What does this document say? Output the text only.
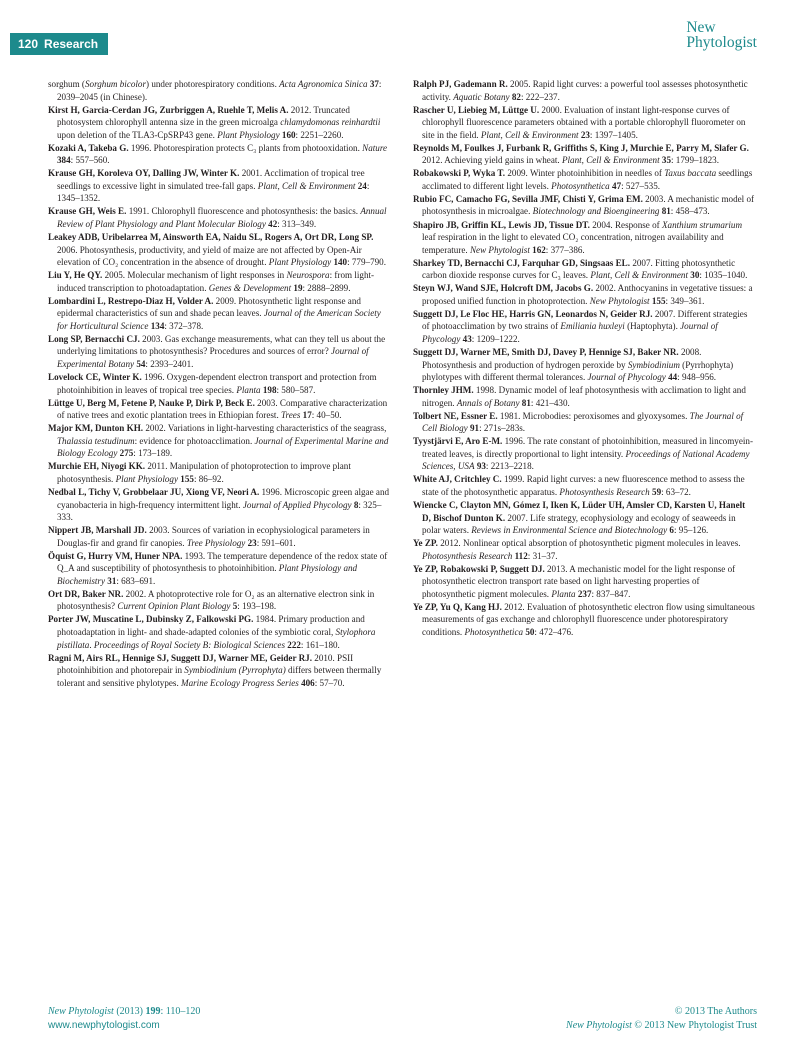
120 Research
New
Phytologist

sorghum (Sorghum bicolor) under photorespiratory conditions. Acta Agronomica Sinica 37: 2039–2045 (in Chinese).

Kirst H, Garcia-Cerdan JG, Zurbriggen A, Ruehle T, Melis A. 2012. Truncated photosystem chlorophyll antenna size in the green microalga chlamydomonas reinhardtii upon deletion of the TLA3-CpSRP43 gene. Plant Physiology 160: 2251–2260.

Kozaki A, Takeba G. 1996. Photorespiration protects C₃ plants from photooxidation. Nature 384: 557–560.

Krause GH, Koroleva OY, Dalling JW, Winter K. 2001. Acclimation of tropical tree seedlings to excessive light in simulated tree-fall gaps. Plant, Cell & Environment 24: 1345–1352.

Krause GH, Weis E. 1991. Chlorophyll fluorescence and photosynthesis: the basics. Annual Review of Plant Physiology and Plant Molecular Biology 42: 313–349.

Leakey ADB, Uribelarrea M, Ainsworth EA, Naidu SL, Rogers A, Ort DR, Long SP. 2006. Photosynthesis, productivity, and yield of maize are not affected by Open-Air elevation of CO₂ concentration in the absence of drought. Plant Physiology 140: 779–790.

Liu Y, He QY. 2005. Molecular mechanism of light responses in Neurospora: from light-induced transcription to photoadaptation. Genes & Development 19: 2888–2899.

Lombardini L, Restrepo-Diaz H, Volder A. 2009. Photosynthetic light response and epidermal characteristics of sun and shade pecan leaves. Journal of the American Society for Horticultural Science 134: 372–378.

Long SP, Bernacchi CJ. 2003. Gas exchange measurements, what can they tell us about the underlying limitations to photosynthesis? Procedures and sources of error? Journal of Experimental Botany 54: 2393–2401.

Lovelock CE, Winter K. 1996. Oxygen-dependent electron transport and protection from photoinhibition in leaves of tropical tree species. Planta 198: 580–587.

Lüttge U, Berg M, Fetene P, Nauke P, Dirk P, Beck E. 2003. Comparative characterization of native trees and exotic plantation trees in Ethiopian forest. Trees 17: 40–50.

Major KM, Dunton KH. 2002. Variations in light-harvesting characteristics of the seagrass, Thalassia testudinum: evidence for photoacclimation. Journal of Experimental Marine and Biology Ecology 275: 173–189.

Murchie EH, Niyogi KK. 2011. Manipulation of photoprotection to improve plant photosynthesis. Plant Physiology 155: 86–92.

Nedbal L, Tichy V, Grobbelaar JU, Xiong VF, Neori A. 1996. Microscopic green algae and cyanobacteria in high-frequency intermittent light. Journal of Applied Phycology 8: 325–333.

Nippert JB, Marshall JD. 2003. Sources of variation in ecophysiological parameters in Douglas-fir and grand fir canopies. Tree Physiology 23: 591–601.

Öquist G, Hurry VM, Huner NPA. 1993. The temperature dependence of the redox state of Q_A and susceptibility of photosynthesis to photoinhibition. Plant Physiology and Biochemistry 31: 683–691.

Ort DR, Baker NR. 2002. A photoprotective role for O₂ as an alternative electron sink in photosynthesis? Current Opinion Plant Biology 5: 193–198.

Porter JW, Muscatine L, Dubinsky Z, Falkowski PG. 1984. Primary production and photoadaptation in light- and shade-adapted colonies of the symbiotic coral, Stylophora pistillata. Proceedings of Royal Society B: Biological Sciences 222: 161–180.

Ragni M, Airs RL, Hennige SJ, Suggett DJ, Warner ME, Geider RJ. 2010. PSII photoinhibition and photorepair in Symbiodinium (Pyrrophyta) differs between thermally tolerant and sensitive phylotypes. Marine Ecology Progress Series 406: 57–70.

Ralph PJ, Gademann R. 2005. Rapid light curves: a powerful tool assesses photosynthetic activity. Aquatic Botany 82: 222–237.

Rascher U, Liebieg M, Lüttge U. 2000. Evaluation of instant light-response curves of chlorophyll fluorescence parameters obtained with a portable chlorophyll fluorometer on site in the field. Plant, Cell & Environment 23: 1397–1405.

Reynolds M, Foulkes J, Furbank R, Griffiths S, King J, Murchie E, Parry M, Slafer G. 2012. Achieving yield gains in wheat. Plant, Cell & Environment 35: 1799–1823.

Robakowski P, Wyka T. 2009. Winter photoinhibition in needles of Taxus baccata seedlings acclimated to different light levels. Photosynthetica 47: 527–535.

Rubio FC, Camacho FG, Sevilla JMF, Chisti Y, Grima EM. 2003. A mechanistic model of photosynthesis in microalgae. Biotechnology and Bioengineering 81: 458–473.

Shapiro JB, Griffin KL, Lewis JD, Tissue DT. 2004. Response of Xanthium strumarium leaf respiration in the light to elevated CO₂ concentration, nitrogen availability and temperature. New Phytologist 162: 377–386.

Sharkey TD, Bernacchi CJ, Farquhar GD, Singsaas EL. 2007. Fitting photosynthetic carbon dioxide response curves for C₃ leaves. Plant, Cell & Environment 30: 1035–1040.

Steyn WJ, Wand SJE, Holcroft DM, Jacobs G. 2002. Anthocyanins in vegetative tissues: a proposed unified function in photoprotection. New Phytologist 155: 349–361.

Suggett DJ, Le Floc HE, Harris GN, Leonardos N, Geider RJ. 2007. Different strategies of photoacclimation by two strains of Emiliania huxleyi (Haptophyta). Journal of Phycology 43: 1209–1222.

Suggett DJ, Warner ME, Smith DJ, Davey P, Hennige SJ, Baker NR. 2008. Photosynthesis and production of hydrogen peroxide by Symbiodinium (Pyrrhophyta) phylotypes with different thermal tolerances. Journal of Phycology 44: 948–956.

Thornley JHM. 1998. Dynamic model of leaf photosynthesis with acclimation to light and nitrogen. Annals of Botany 81: 421–430.

Tolbert NE, Essner E. 1981. Microbodies: peroxisomes and glyoxysomes. The Journal of Cell Biology 91: 271s–283s.

Tyystjärvi E, Aro E-M. 1996. The rate constant of photoinhibition, measured in lincomyein-treated leaves, is directly proportional to light intensity. Proceedings of National Academy Sciences, USA 93: 2213–2218.

White AJ, Critchley C. 1999. Rapid light curves: a new fluorescence method to assess the state of the photosynthetic apparatus. Photosynthesis Research 59: 63–72.

Wiencke C, Clayton MN, Gómez I, Iken K, Lüder UH, Amsler CD, Karsten U, Hanelt D, Bischof Dunton K. 2007. Life strategy, ecophysiology and ecology of seaweeds in polar waters. Reviews in Environmental Science and Biotechnology 6: 95–126.

Ye ZP. 2012. Nonlinear optical absorption of photosynthetic pigment molecules in leaves. Photosynthesis Research 112: 31–37.

Ye ZP, Robakowski P, Suggett DJ. 2013. A mechanistic model for the light response of photosynthetic electron transport rate based on light harvesting properties of photosynthetic pigment molecules. Planta 237: 837–847.

Ye ZP, Yu Q, Kang HJ. 2012. Evaluation of photosynthetic electron flow using simultaneous measurements of gas exchange and chlorophyll fluorescence under photorespiratory conditions. Photosynthetica 50: 472–476.

New Phytologist (2013) 199: 110–120
www.newphytologist.com
© 2013 The Authors
New Phytologist © 2013 New Phytologist Trust
